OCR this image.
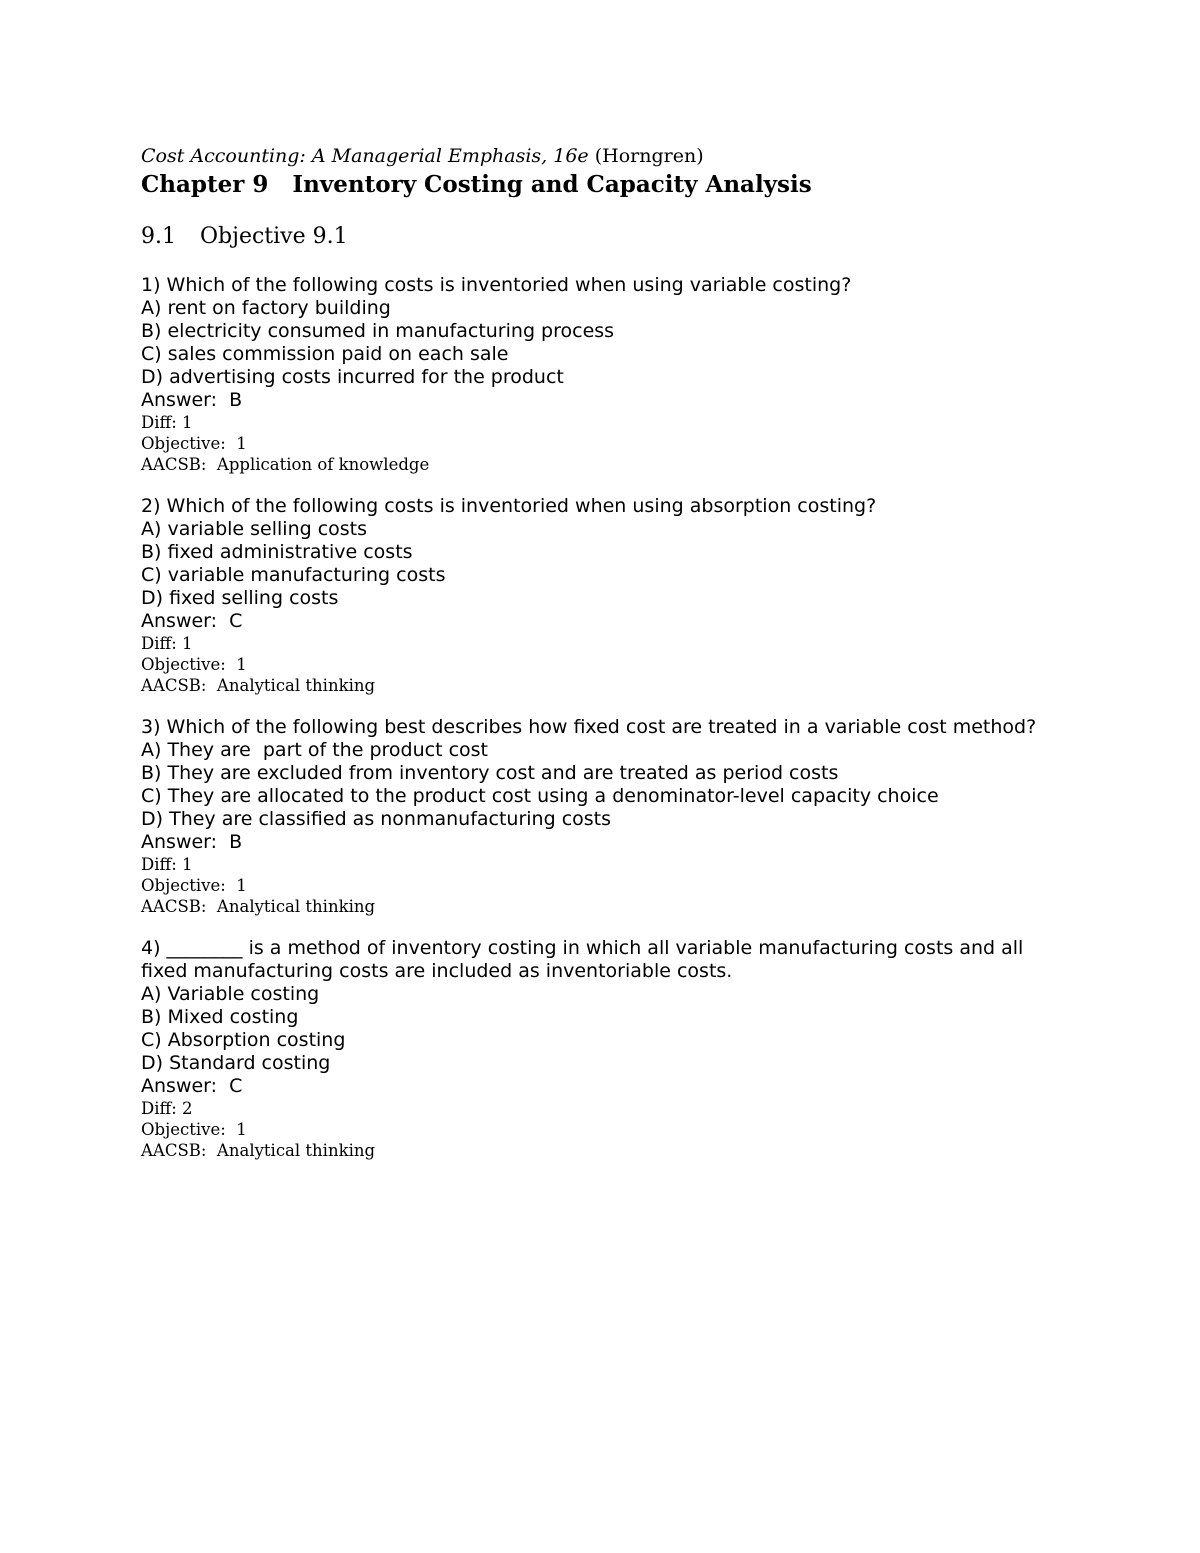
Cost Accounting: A Managerial Emphasis, 16e (Horngren)

Chapter 9 Inventory Costing and Capacity Analysis

9.1 Objective 9.1

1) Which of the following costs is inventoried when using variable costing?

A) rent on factory building

B) electricity consumed in manufacturing process

C) sales commission paid on each sale

D) advertising costs incurred for the product

Answer:  B

Diff: 1

Objective:  1

AACSB:  Application of knowledge

2) Which of the following costs is inventoried when using absorption costing?

A) variable selling costs

B) fixed administrative costs

C) variable manufacturing costs

D) fixed selling costs

Answer:  C

Diff: 1

Objective:  1

AACSB:  Analytical thinking

3) Which of the following best describes how fixed cost are treated in a variable cost method?

A) They are  part of the product cost

B) They are excluded from inventory cost and are treated as period costs

C) They are allocated to the product cost using a denominator-level capacity choice

D) They are classified as nonmanufacturing costs

Answer:  B

Diff: 1

Objective:  1

AACSB:  Analytical thinking

4) ________ is a method of inventory costing in which all variable manufacturing costs and all fixed manufacturing costs are included as inventoriable costs.

A) Variable costing

B) Mixed costing

C) Absorption costing

D) Standard costing

Answer:  C

Diff: 2

Objective:  1

AACSB:  Analytical thinking
